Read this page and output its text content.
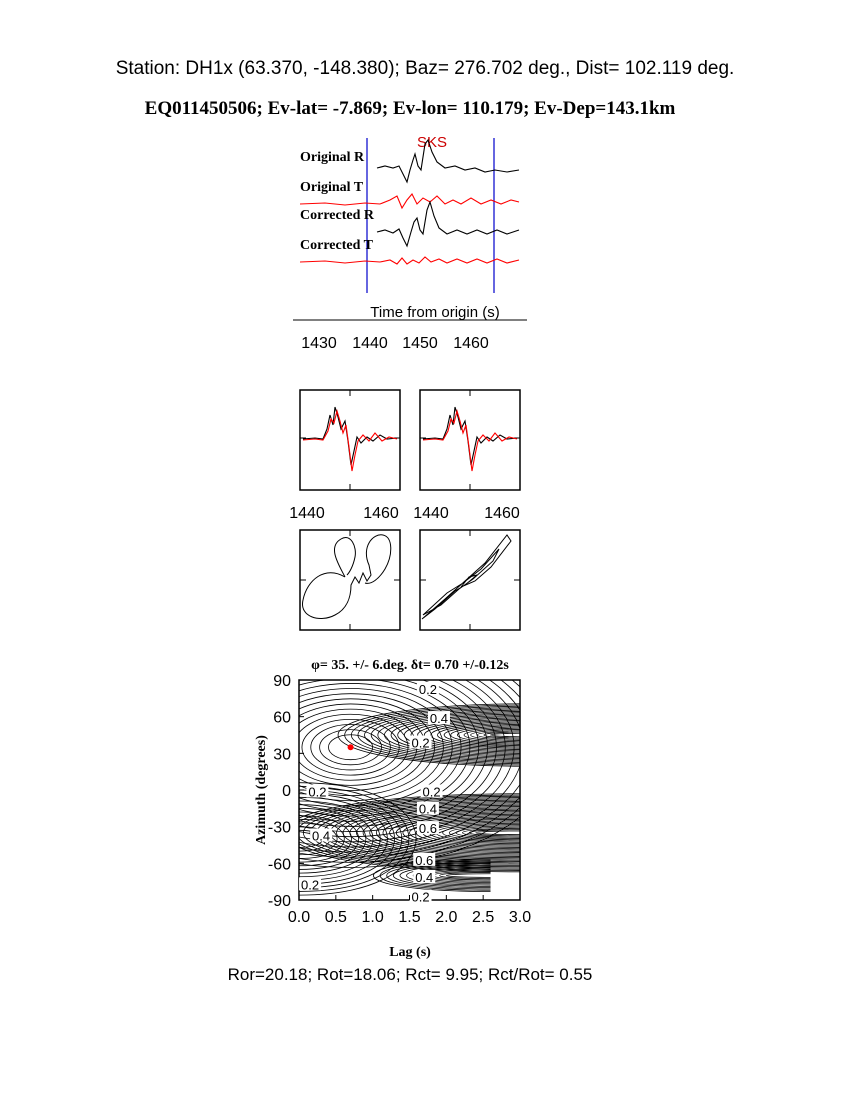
Station: DH1x (63.370, -148.380); Baz= 276.702 deg., Dist= 102.119 deg.
EQ011450506; Ev-lat= -7.869; Ev-lon= 110.179; Ev-Dep=143.1km
SKS
Original R
Original T
Corrected R
Corrected T
Time from origin (s)
1430 1440 1450 1460
1440 1460 1440 1460
φ= 35. +/- 6.deg. δt= 0.70 +/-0.12s
0.2
0.4
0.2
0.2	0.2
0.4
0.6
0.4
0.6
0.4
0.2
0.2
0.0 0.5 1.0 1.5 2.0 2.5 3.0
90
60
30
0
-30
-60
-90
Azimuth (degrees)
Lag (s)
Ror=20.18; Rot=18.06; Rct= 9.95; Rct/Rot= 0.55
